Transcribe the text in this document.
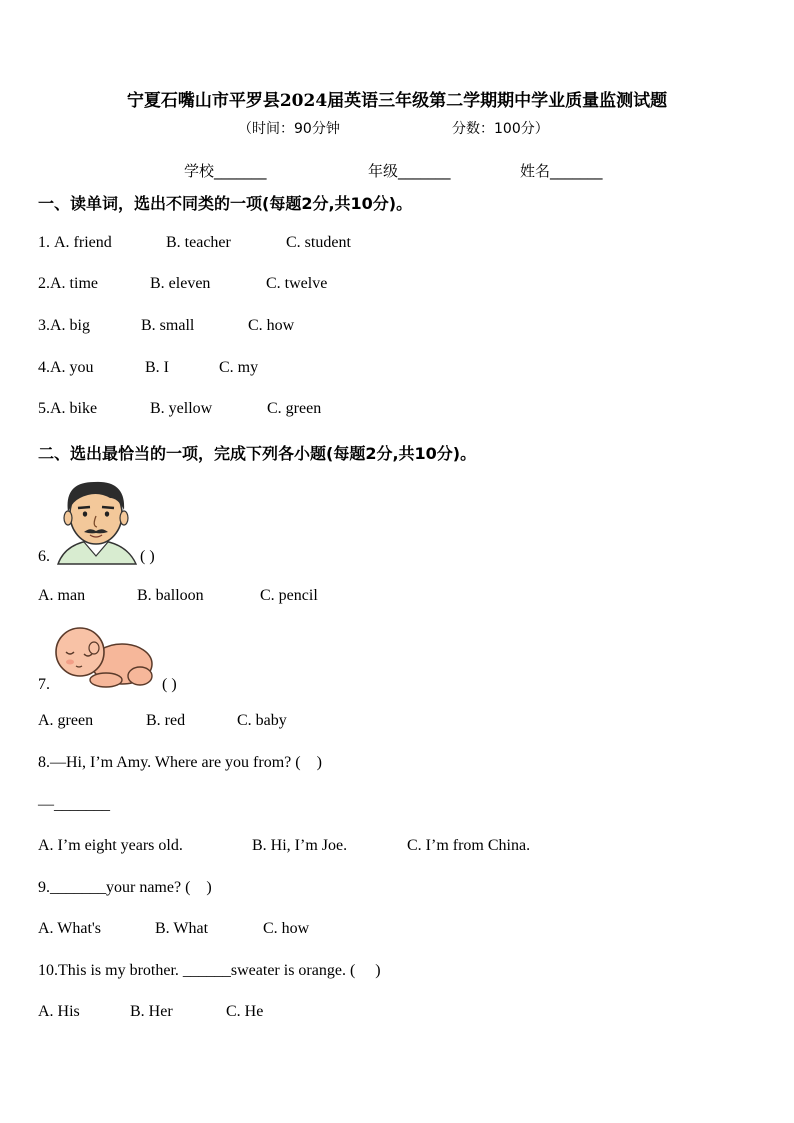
宁夏石嘴山市平罗县2024届英语三年级第二学期期中学业质量监测试题
（时间：90分钟	分数：100分）
学校_______	年级_______	姓名_______
一、读单词，选出不同类的一项(每题2分,共10分)。
1. A. friend	B. teacher	C. student
2.A. time	B. eleven	C. twelve
3.A. big	B. small	C. how
4.A. you	B. I	C. my
5.A. bike	B. yellow	C. green
二、选出最恰当的一项，完成下列各小题(每题2分,共10分)。
6.	( )
A. man	B. balloon	C. pencil
7.	( )
A. green	B. red	C. baby
8.—Hi, I’m Amy. Where are you from? (    )
—_______
A. I’m eight years old.	B. Hi, I’m Joe.	C. I’m from China.
9._______your name? (    )
A. What's	B. What	C. how
10.This is my brother. ______sweater is orange. (     )
A. His	B. Her	C. He
